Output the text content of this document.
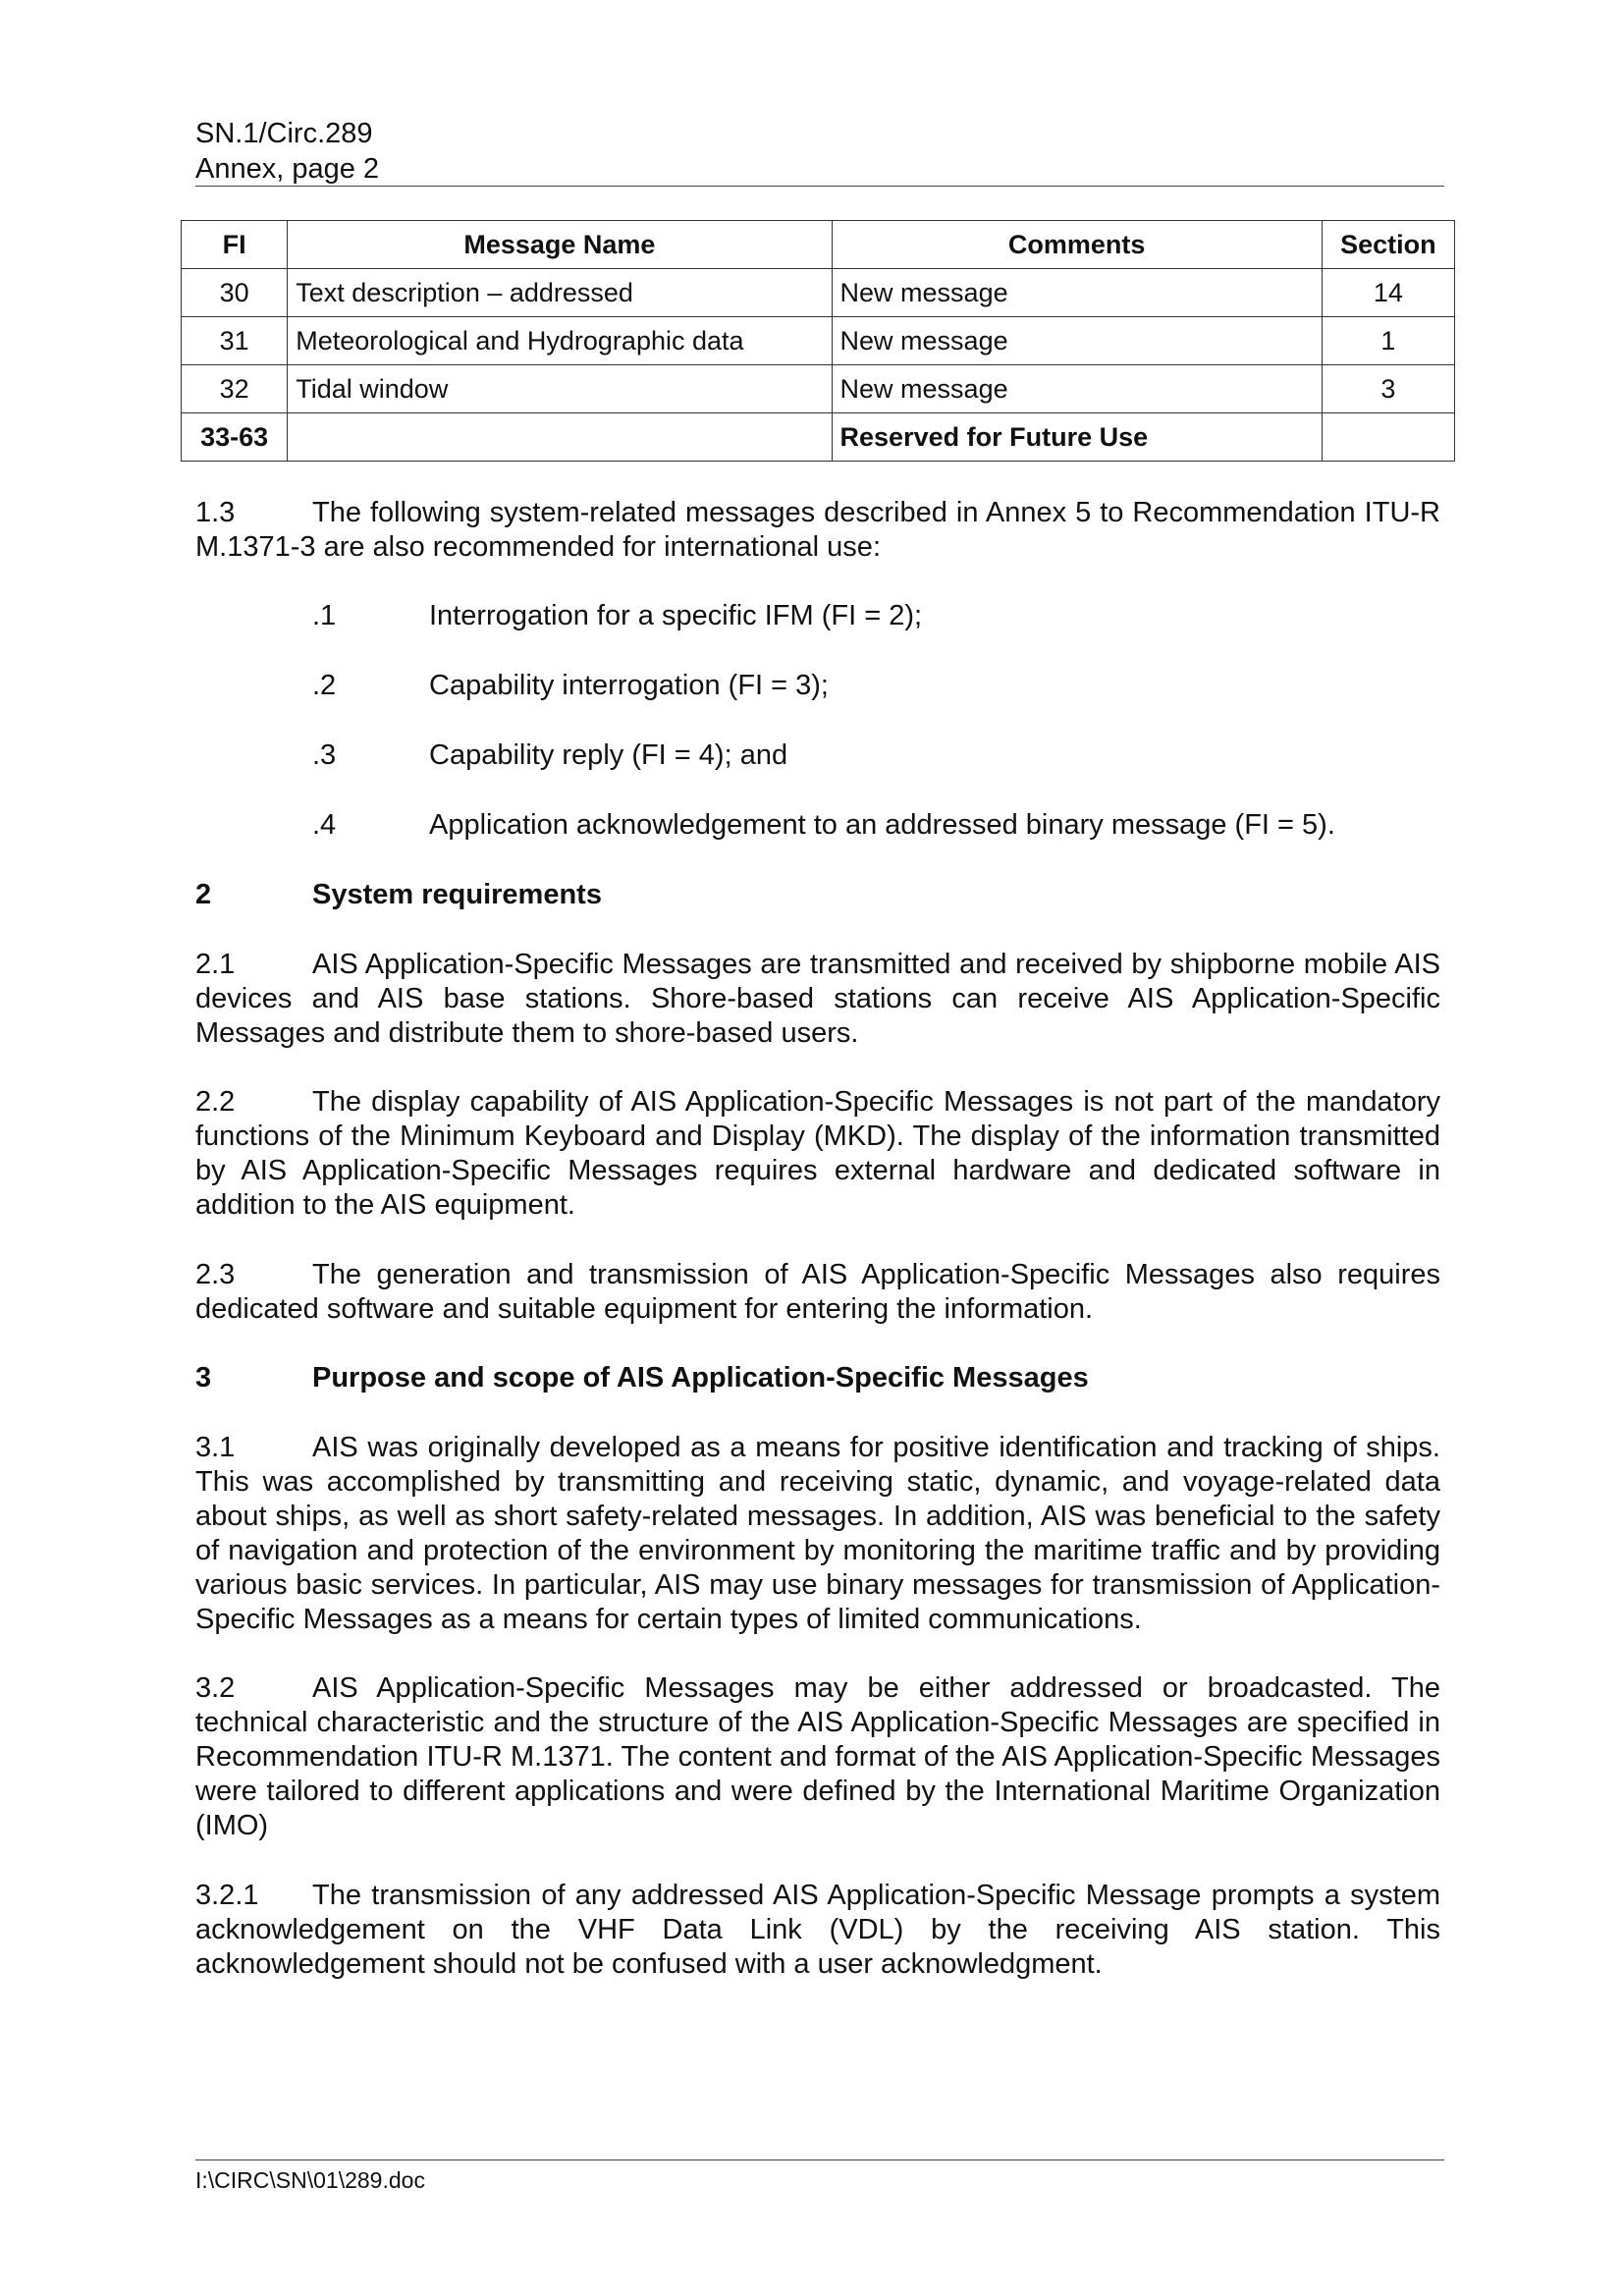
SN.1/Circ.289
Annex, page 2
FI	Message Name	Comments	Section
30	Text description – addressed	New message	14
31	Meteorological and Hydrographic data	New message	1
32	Tidal window	New message	3
33-63		Reserved for Future Use	
1.3	The following system-related messages described in Annex 5 to Recommendation ITU-R M.1371-3 are also recommended for international use:
.1	Interrogation for a specific IFM (FI = 2);
.2	Capability interrogation (FI = 3);
.3	Capability reply (FI = 4); and
.4	Application acknowledgement to an addressed binary message (FI = 5).
2	System requirements
2.1	AIS Application-Specific Messages are transmitted and received by shipborne mobile AIS devices and AIS base stations. Shore-based stations can receive AIS Application-Specific Messages and distribute them to shore-based users.
2.2	The display capability of AIS Application-Specific Messages is not part of the mandatory functions of the Minimum Keyboard and Display (MKD). The display of the information transmitted by AIS Application-Specific Messages requires external hardware and dedicated software in addition to the AIS equipment.
2.3	The generation and transmission of AIS Application-Specific Messages also requires dedicated software and suitable equipment for entering the information.
3	Purpose and scope of AIS Application-Specific Messages
3.1	AIS was originally developed as a means for positive identification and tracking of ships. This was accomplished by transmitting and receiving static, dynamic, and voyage-related data about ships, as well as short safety-related messages. In addition, AIS was beneficial to the safety of navigation and protection of the environment by monitoring the maritime traffic and by providing various basic services. In particular, AIS may use binary messages for transmission of Application-Specific Messages as a means for certain types of limited communications.
3.2	AIS Application-Specific Messages may be either addressed or broadcasted. The technical characteristic and the structure of the AIS Application-Specific Messages are specified in Recommendation ITU-R M.1371. The content and format of the AIS Application-Specific Messages were tailored to different applications and were defined by the International Maritime Organization (IMO)
3.2.1 The transmission of any addressed AIS Application-Specific Message prompts a system acknowledgement on the VHF Data Link (VDL) by the receiving AIS station. This acknowledgement should not be confused with a user acknowledgment.
I:\CIRC\SN\01\289.doc
